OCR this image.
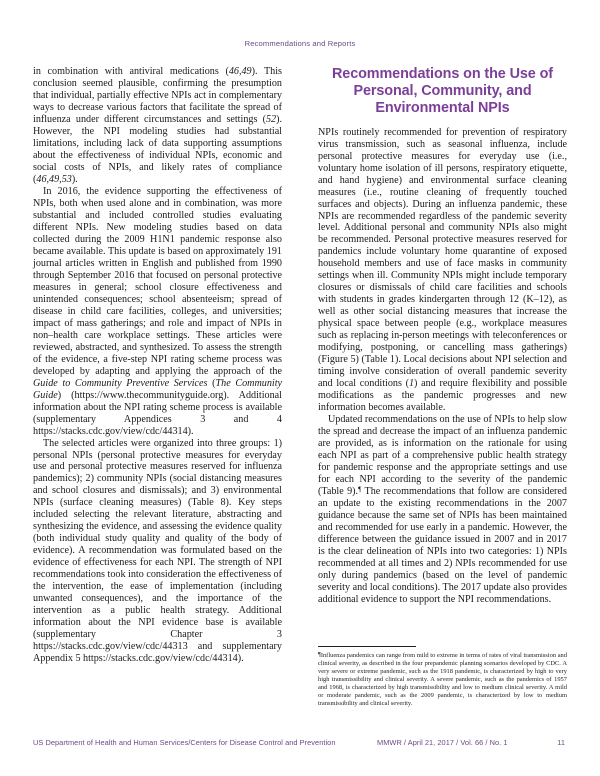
Recommendations and Reports

in combination with antiviral medications (46,49). This conclusion seemed plausible, confirming the presumption that individual, partially effective NPIs act in complementary ways to decrease various factors that facilitate the spread of influenza under different circumstances and settings (52). However, the NPI modeling studies had substantial limitations, including lack of data supporting assumptions about the effectiveness of individual NPIs, economic and social costs of NPIs, and likely rates of compliance (46,49,53).

In 2016, the evidence supporting the effectiveness of NPIs, both when used alone and in combination, was more substantial and included controlled studies evaluating different NPIs. New modeling studies based on data collected during the 2009 H1N1 pandemic response also became available. This update is based on approximately 191 journal articles written in English and published from 1990 through September 2016 that focused on personal protective measures in general; school closure effectiveness and unintended consequences; school absenteeism; spread of disease in child care facilities, colleges, and universities; impact of mass gatherings; and role and impact of NPIs in non–health care workplace settings. These articles were reviewed, abstracted, and synthesized. To assess the strength of the evidence, a five-step NPI rating scheme process was developed by adapting and applying the approach of the Guide to Community Preventive Services (The Community Guide) (https://www.thecommunityguide.org). Additional information about the NPI rating scheme process is available (supplementary Appendices 3 and 4 https://stacks.cdc.gov/view/cdc/44314).

The selected articles were organized into three groups: 1) personal NPIs (personal protective measures for everyday use and personal protective measures reserved for influenza pandemics); 2) community NPIs (social distancing measures and school closures and dismissals); and 3) environmental NPIs (surface cleaning measures) (Table 8). Key steps included selecting the relevant literature, abstracting and synthesizing the evidence, and assessing the evidence quality (both individual study quality and quality of the body of evidence). A recommendation was formulated based on the evidence of effectiveness for each NPI. The strength of NPI recommendations took into consideration the effectiveness of the intervention, the ease of implementation (including unwanted consequences), and the importance of the intervention as a public health strategy. Additional information about the NPI evidence base is available (supplementary Chapter 3 https://stacks.cdc.gov/view/cdc/44313 and supplementary Appendix 5 https://stacks.cdc.gov/view/cdc/44314).

Recommendations on the Use of
Personal, Community, and
Environmental NPIs

NPIs routinely recommended for prevention of respiratory virus transmission, such as seasonal influenza, include personal protective measures for everyday use (i.e., voluntary home isolation of ill persons, respiratory etiquette, and hand hygiene) and environmental surface cleaning measures (i.e., routine cleaning of frequently touched surfaces and objects). During an influenza pandemic, these NPIs are recommended regardless of the pandemic severity level. Additional personal and community NPIs also might be recommended. Personal protective measures reserved for pandemics include voluntary home quarantine of exposed household members and use of face masks in community settings when ill. Community NPIs might include temporary closures or dismissals of child care facilities and schools with students in grades kindergarten through 12 (K–12), as well as other social distancing measures that increase the physical space between people (e.g., workplace measures such as replacing in-person meetings with teleconferences or modifying, postponing, or cancelling mass gatherings) (Figure 5) (Table 1). Local decisions about NPI selection and timing involve consideration of overall pandemic severity and local conditions (1) and require flexibility and possible modifications as the pandemic progresses and new information becomes available.

Updated recommendations on the use of NPIs to help slow the spread and decrease the impact of an influenza pandemic are provided, as is information on the rationale for using each NPI as part of a comprehensive public health strategy for pandemic response and the appropriate settings and use for each NPI according to the severity of the pandemic (Table 9).¶ The recommendations that follow are considered an update to the existing recommendations in the 2007 guidance because the same set of NPIs has been maintained and recommended for use early in a pandemic. However, the difference between the guidance issued in 2007 and in 2017 is the clear delineation of NPIs into two categories: 1) NPIs recommended at all times and 2) NPIs recommended for use only during pandemics (based on the level of pandemic severity and local conditions). The 2017 update also provides additional evidence to support the NPI recommendations.

¶Influenza pandemics can range from mild to extreme in terms of rates of viral transmission and clinical severity, as described in the four prepandemic planning scenarios developed by CDC. A very severe or extreme pandemic, such as the 1918 pandemic, is characterized by high to very high transmissibility and clinical severity. A severe pandemic, such as the pandemics of 1957 and 1968, is characterized by high transmissibility and low to medium clinical severity. A mild or moderate pandemic, such as the 2009 pandemic, is characterized by low to medium transmissibility and clinical severity.

US Department of Health and Human Services/Centers for Disease Control and Prevention	MMWR / April 21, 2017 / Vol. 66 / No. 1	11
